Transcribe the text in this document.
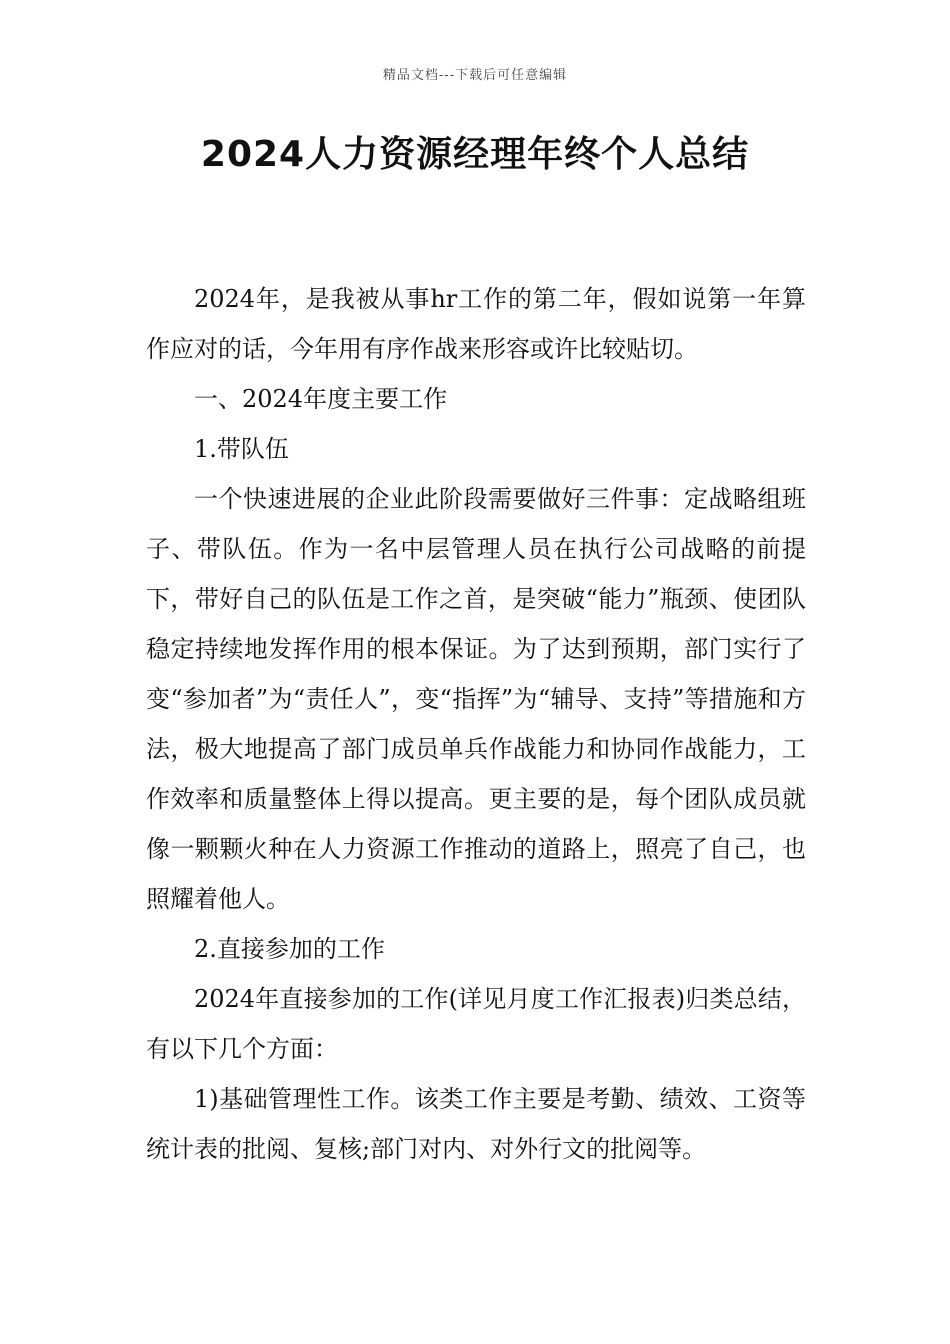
精品文档---下载后可任意编辑
2024人力资源经理年终个人总结

2024年，是我被从事hr工作的第二年，假如说第一年算作应对的话，今年用有序作战来形容或许比较贴切。

一、2024年度主要工作

1.带队伍

一个快速进展的企业此阶段需要做好三件事：定战略组班子、带队伍。作为一名中层管理人员在执行公司战略的前提下，带好自己的队伍是工作之首，是突破“能力”瓶颈、使团队稳定持续地发挥作用的根本保证。为了达到预期，部门实行了变“参加者”为“责任人”，变“指挥”为“辅导、支持”等措施和方法，极大地提高了部门成员单兵作战能力和协同作战能力，工作效率和质量整体上得以提高。更主要的是，每个团队成员就像一颗颗火种在人力资源工作推动的道路上，照亮了自己，也照耀着他人。

2.直接参加的工作

2024年直接参加的工作(详见月度工作汇报表)归类总结，有以下几个方面：

1)基础管理性工作。该类工作主要是考勤、绩效、工资等统计表的批阅、复核;部门对内、对外行文的批阅等。
